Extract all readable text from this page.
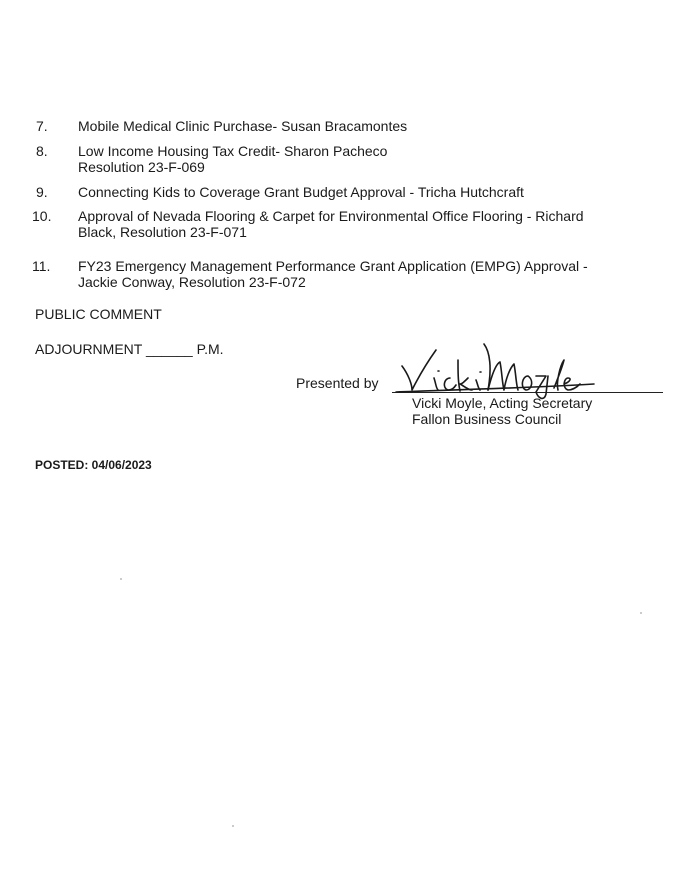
7. Mobile Medical Clinic Purchase- Susan Bracamontes
8. Low Income Housing Tax Credit- Sharon Pacheco
Resolution 23-F-069
9. Connecting Kids to Coverage Grant Budget Approval - Tricha Hutchcraft
10. Approval of Nevada Flooring & Carpet for Environmental Office Flooring - Richard
Black, Resolution 23-F-071
11. FY23 Emergency Management Performance Grant Application (EMPG) Approval -
Jackie Conway, Resolution 23-F-072
PUBLIC COMMENT
ADJOURNMENT ______ P.M.
Presented by
Vicki Moyle, Acting Secretary
Fallon Business Council
POSTED: 04/06/2023
